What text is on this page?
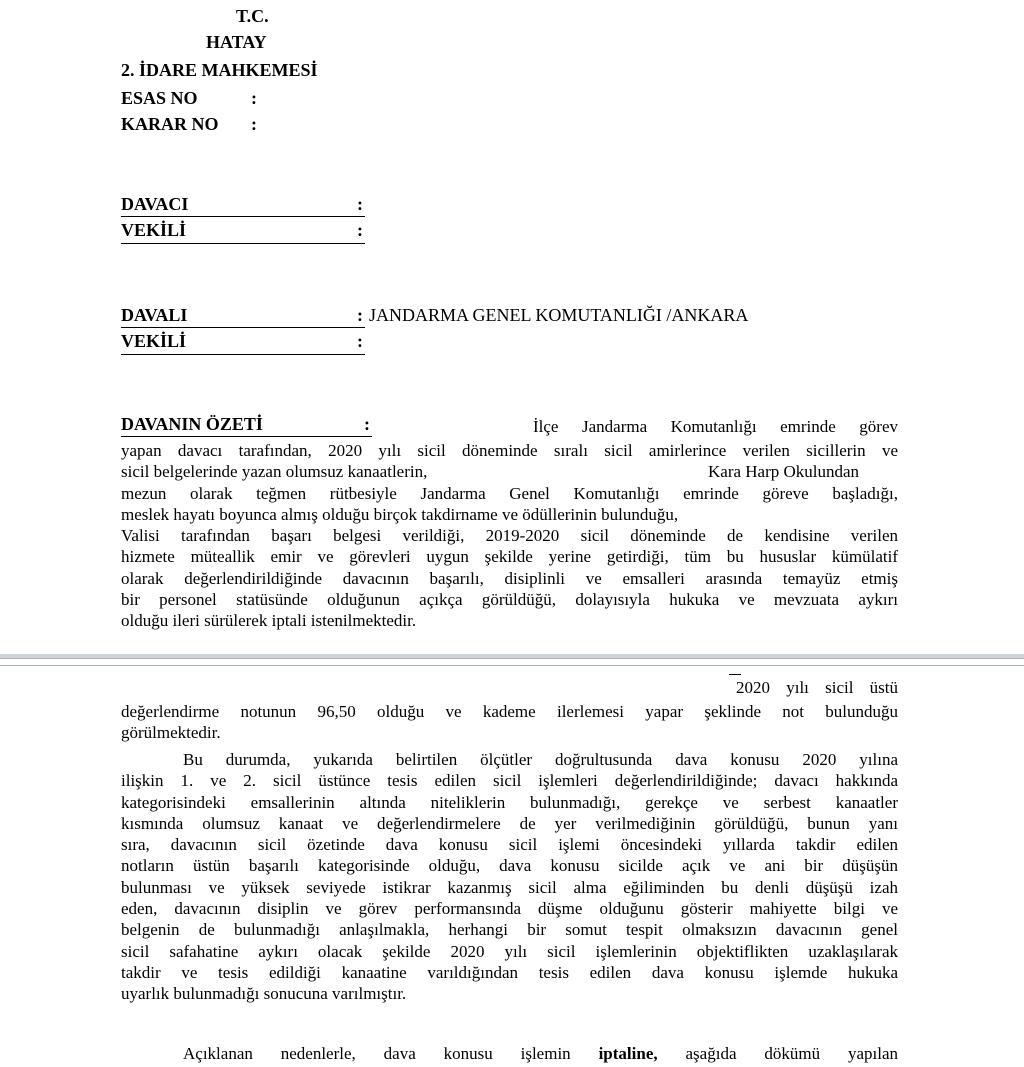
T.C.
HATAY
2. İDARE MAHKEMESİ
ESAS NO	:
KARAR NO :
DAVACI	:
VEKİLİ	:
DAVALI	: JANDARMA GENEL KOMUTANLIĞI /ANKARA
VEKİLİ	:
DAVANIN ÖZETİ	:	İlçe Jandarma Komutanlığı emrinde görev
yapan davacı tarafından, 2020 yılı sicil döneminde sıralı sicil amirlerince verilen sicillerin ve
sicil belgelerinde yazan olumsuz kanaatlerin,	Kara Harp Okulundan
mezun olarak teğmen rütbesiyle Jandarma Genel Komutanlığı emrinde göreve başladığı,
meslek hayatı boyunca almış olduğu birçok takdirname ve ödüllerinin bulunduğu,
Valisi tarafından başarı belgesi verildiği, 2019-2020 sicil döneminde de kendisine verilen
hizmete müteallik emir ve görevleri uygun şekilde yerine getirdiği, tüm bu hususlar kümülatif
olarak değerlendirildiğinde davacının başarılı, disiplinli ve emsalleri arasında temayüz etmiş
bir personel statüsünde olduğunun açıkça görüldüğü, dolayısıyla hukuka ve mevzuata aykırı
olduğu ileri sürülerek iptali istenilmektedir.
2020 yılı sicil üstü
değerlendirme notunun 96,50 olduğu ve kademe ilerlemesi yapar şeklinde not bulunduğu
görülmektedir.
Bu durumda, yukarıda belirtilen ölçütler doğrultusunda dava konusu 2020 yılına
ilişkin 1. ve 2. sicil üstünce tesis edilen sicil işlemleri değerlendirildiğinde; davacı hakkında
kategorisindeki emsallerinin altında niteliklerin bulunmadığı, gerekçe ve serbest kanaatler
kısmında olumsuz kanaat ve değerlendirmelere de yer verilmediğinin görüldüğü, bunun yanı
sıra, davacının sicil özetinde dava konusu sicil işlemi öncesindeki yıllarda takdir edilen
notların üstün başarılı kategorisinde olduğu, dava konusu sicilde açık ve ani bir düşüşün
bulunması ve yüksek seviyede istikrar kazanmış sicil alma eğiliminden bu denli düşüşü izah
eden, davacının disiplin ve görev performansında düşme olduğunu gösterir mahiyette bilgi ve
belgenin de bulunmadığı anlaşılmakla, herhangi bir somut tespit olmaksızın davacının genel
sicil safahatine aykırı olacak şekilde 2020 yılı sicil işlemlerinin objektiflikten uzaklaşılarak
takdir ve tesis edildiği kanaatine varıldığından tesis edilen dava konusu işlemde hukuka
uyarlık bulunmadığı sonucuna varılmıştır.
Açıklanan nedenlerle, dava konusu işlemin iptaline, aşağıda dökümü yapılan
